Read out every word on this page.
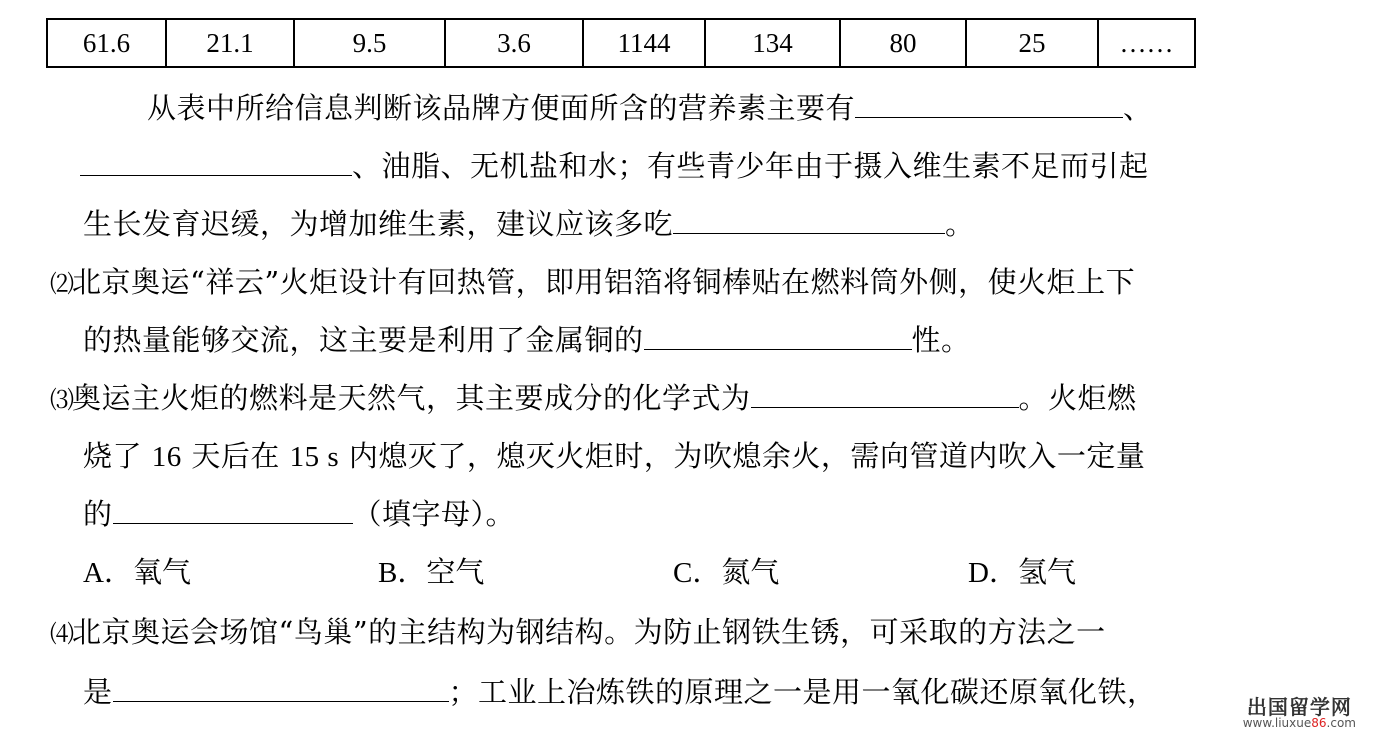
61.6	21.1	9.5	3.6	1144	134	80	25	……
从表中所给信息判断该品牌方便面所含的营养素主要有	、
、油脂、无机盐和水；有些青少年由于摄入维生素不足而引起
生长发育迟缓，为增加维生素，建议应该多吃	。
⑵北京奥运“祥云”火炬设计有回热管，即用铝箔将铜棒贴在燃料筒外侧，使火炬上下
的热量能够交流，这主要是利用了金属铜的	性。
⑶奥运主火炬的燃料是天然气，其主要成分的化学式为	。火炬燃
烧了 16 天后在 15 s 内熄灭了，熄灭火炬时，为吹熄余火，需向管道内吹入一定量
的	（填字母）。
A．氧气	B．空气	C．氮气	D．氢气
⑷北京奥运会场馆“鸟巢”的主结构为钢结构。为防止钢铁生锈，可采取的方法之一
是	；工业上冶炼铁的原理之一是用一氧化碳还原氧化铁，	出国留学网
www.liuxue86.com
